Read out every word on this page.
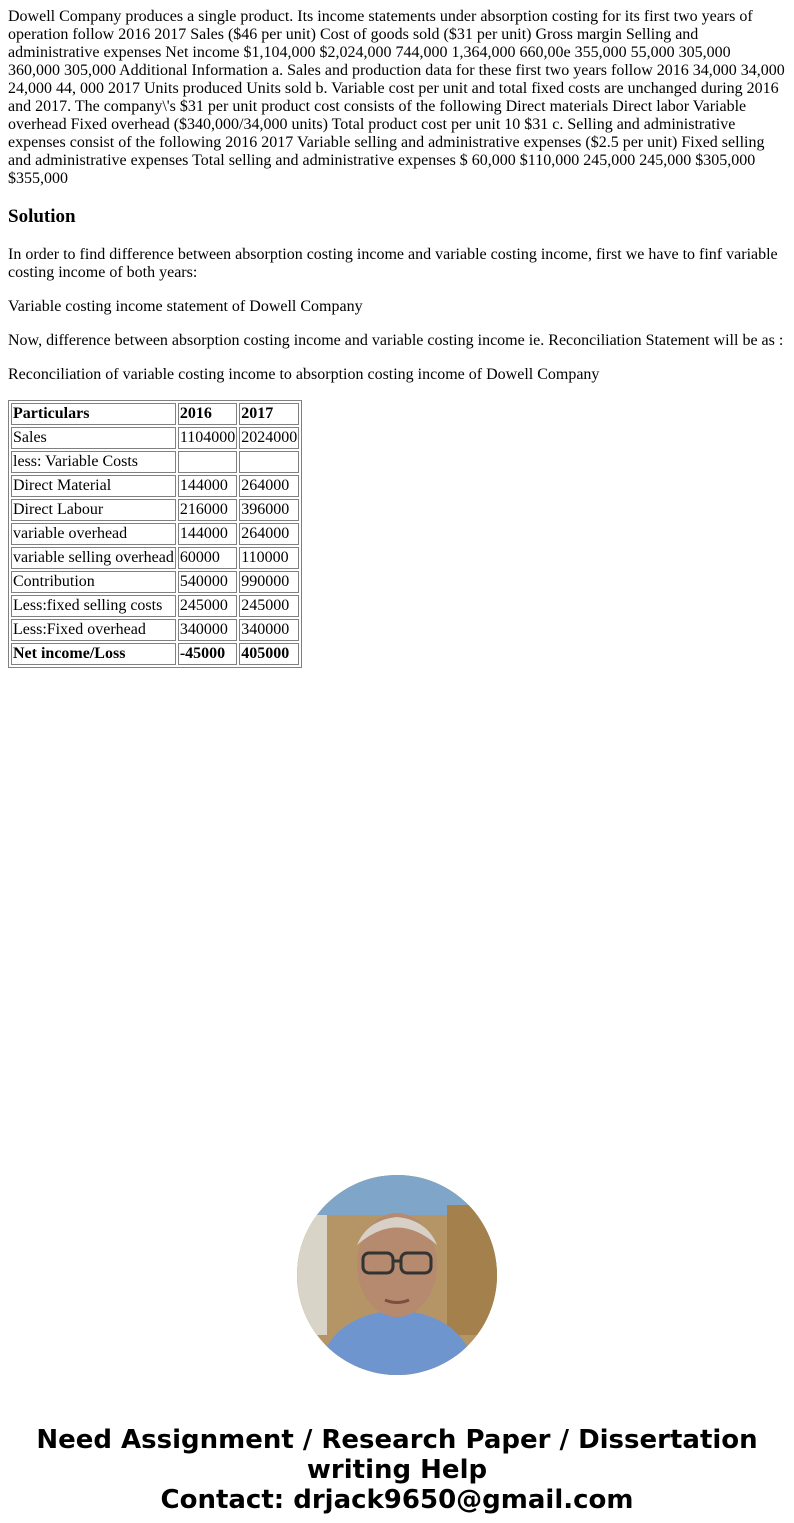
Dowell Company produces a single product. Its income statements under absorption costing for its first two years of operation follow 2016 2017 Sales ($46 per unit) Cost of goods sold ($31 per unit) Gross margin Selling and administrative expenses Net income $1,104,000 $2,024,000 744,000 1,364,000 660,00e 355,000 55,000 305,000 360,000 305,000 Additional Information a. Sales and production data for these first two years follow 2016 34,000 34,000 24,000 44, 000 2017 Units produced Units sold b. Variable cost per unit and total fixed costs are unchanged during 2016 and 2017. The company\'s $31 per unit product cost consists of the following Direct materials Direct labor Variable overhead Fixed overhead ($340,000/34,000 units) Total product cost per unit 10 $31 c. Selling and administrative expenses consist of the following 2016 2017 Variable selling and administrative expenses ($2.5 per unit) Fixed selling and administrative expenses Total selling and administrative expenses $ 60,000 $110,000 245,000 245,000 $305,000 $355,000

Solution

In order to find difference between absorption costing income and variable costing income, first we have to finf variable costing income of both years:

Variable costing income statement of Dowell Company

Now, difference between absorption costing income and variable costing income ie. Reconciliation Statement will be as :

Reconciliation of variable costing income to absorption costing income of Dowell Company

Particulars	2016	2017
Sales	1104000	2024000
less: Variable Costs		
Direct Material	144000	264000
Direct Labour	216000	396000
variable overhead	144000	264000
variable selling overhead	60000	110000
Contribution	540000	990000
Less:fixed selling costs	245000	245000
Less:Fixed overhead	340000	340000
Net income/Loss	-45000	405000
Need Assignment / Research Paper / Dissertation writing Help
Contact: drjack9650@gmail.com
